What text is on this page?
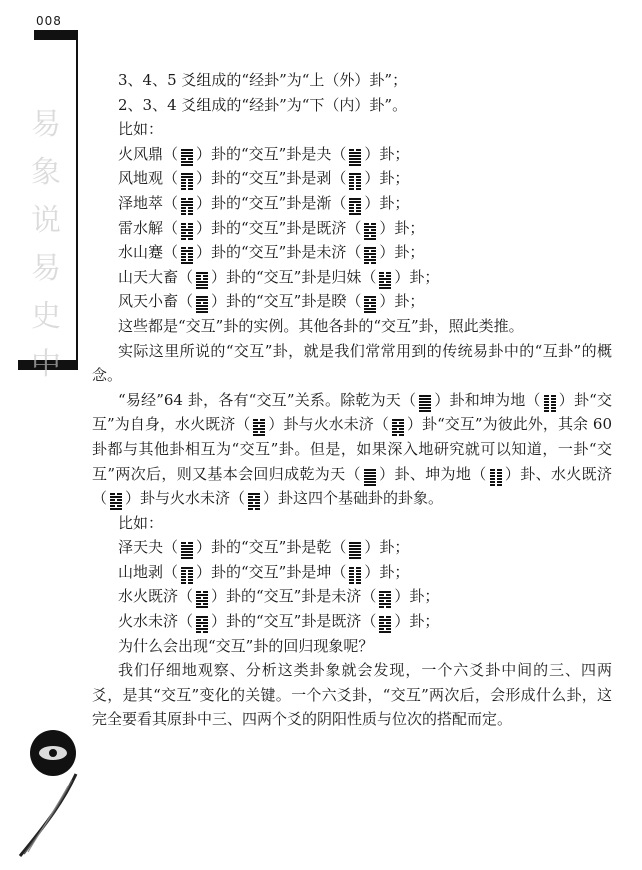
008
易
象
说
易
史
中
3、4、5 爻组成的“经卦”为“上（外）卦”；
2、3、4 爻组成的“经卦”为“下（内）卦”。
比如：
火风鼎（ ）卦的“交互”卦是夬（ ）卦；
风地观（ ）卦的“交互”卦是剥（ ）卦；
泽地萃（ ）卦的“交互”卦是渐（ ）卦；
雷水解（ ）卦的“交互”卦是既济（ ）卦；
水山蹇（ ）卦的“交互”卦是未济（ ）卦；
山天大畜（ ）卦的“交互”卦是归妹（ ）卦；
风天小畜（ ）卦的“交互”卦是睽（ ）卦；
这些都是“交互”卦的实例。其他各卦的“交互”卦，照此类推。
实际这里所说的“交互”卦，就是我们常常用到的传统易卦中的“互卦”的概念。
“易经”64 卦，各有“交互”关系。除乾为天（ ）卦和坤为地（ ）卦“交互”为自身，水火既济（ ）卦与火水未济（ ）卦“交互”为彼此外，其余 60 卦都与其他卦相互为“交互”卦。但是，如果深入地研究就可以知道，一卦“交互”两次后，则又基本会回归成乾为天（ ）卦、坤为地（ ）卦、水火既济（ ）卦与火水未济（ ）卦这四个基础卦的卦象。
比如：
泽天夬（ ）卦的“交互”卦是乾（ ）卦；
山地剥（ ）卦的“交互”卦是坤（ ）卦；
水火既济（ ）卦的“交互”卦是未济（ ）卦；
火水未济（ ）卦的“交互”卦是既济（ ）卦；
为什么会出现“交互”卦的回归现象呢？
我们仔细地观察、分析这类卦象就会发现，一个六爻卦中间的三、四两爻，是其“交互”变化的关键。一个六爻卦，“交互”两次后，会形成什么卦，这完全要看其原卦中三、四两个爻的阴阳性质与位次的搭配而定。
